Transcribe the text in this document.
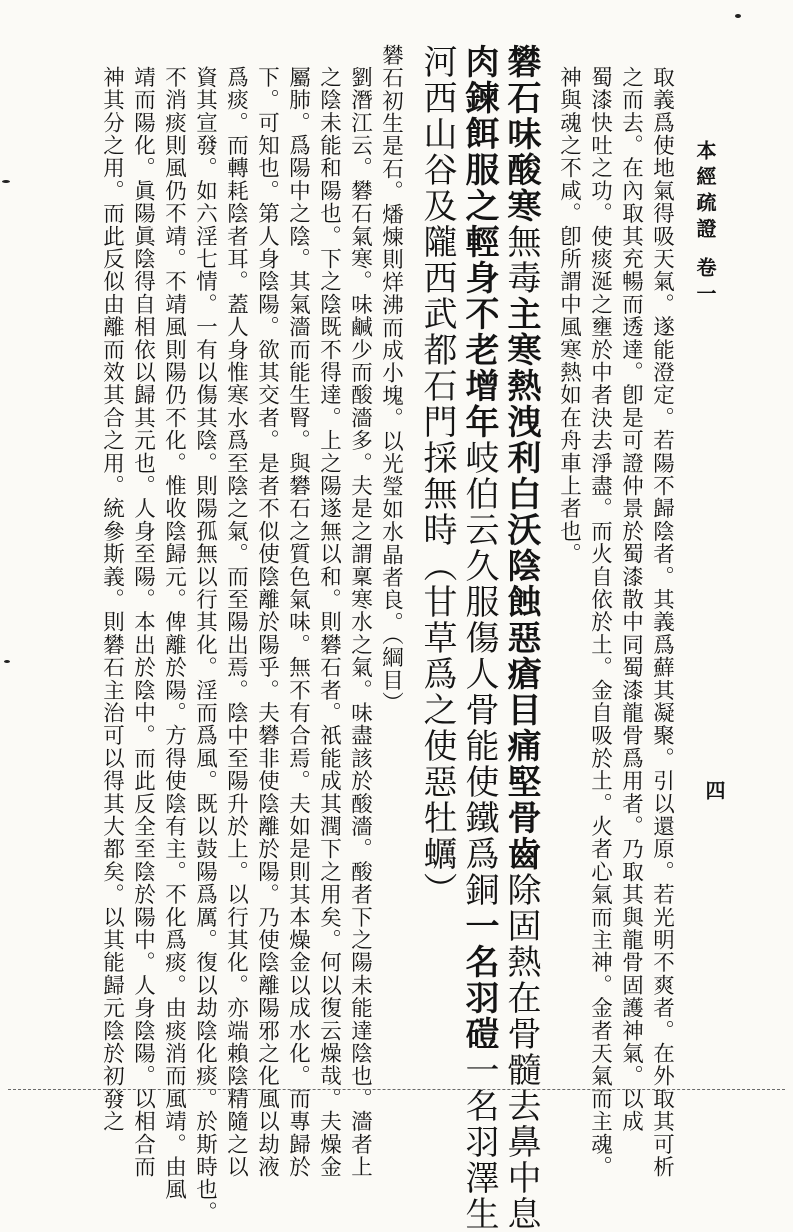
本經疏證 卷一
四
取義爲使地氣得吸天氣。遂能澄定。若陽不歸陰者。其義爲蘚其凝聚。引以還原。若光明不爽者。在外取其可析
之而去。在內取其充暢而透達。卽是可證仲景於蜀漆散中同蜀漆龍骨爲用者。乃取其與龍骨固護神氣。以成
蜀漆快吐之功。使痰涎之壅於中者決去淨盡。而火自依於土。金自吸於土。火者心氣而主神。金者天氣而主魂。
神與魂之不咸。卽所謂中風寒熱如在舟車上者也。
礬石味酸寒無毒主寒熱洩利白沃陰蝕惡瘡目痛堅骨齒除固熱在骨髓去鼻中息
肉鍊餌服之輕身不老增年岐伯云久服傷人骨能使鐵爲銅一名羽磑一名羽澤生
河西山谷及隴西武都石門採無時（甘草爲之使惡牡蠣）
礬石初生是石。燔煉則烊沸而成小塊。以光瑩如水晶者良。（綱目）
劉潛江云。礬石氣寒。味鹹少而酸濇多。夫是之謂稟寒水之氣。味盡該於酸濇。酸者下之陽未能達陰也。濇者上
之陰未能和陽也。下之陰既不得達。上之陽遂無以和。則礬石者。祇能成其潤下之用矣。何以復云燥哉。夫燥金
屬肺。爲陽中之陰。其氣濇而能生腎。與礬石之質色氣味。無不有合焉。夫如是則其本燥金以成水化。而專歸於
下。可知也。第人身陰陽。欲其交者。是者不似使陰離於陽乎。夫礬非使陰離於陽。乃使陰離陽邪之化風以劫液
爲痰。而轉耗陰者耳。蓋人身惟寒水爲至陰之氣。而至陽出焉。陰中至陽升於上。以行其化。亦端賴陰精隨之以
資其宣發。如六淫七情。一有以傷其陰。則陽孤無以行其化。淫而爲風。既以鼓陽爲厲。復以劫陰化痰。於斯時也。
不消痰則風仍不靖。不靖風則陽仍不化。惟收陰歸元。俾離於陽。方得使陰有主。不化爲痰。由痰消而風靖。由風
靖而陽化。眞陽眞陰得自相依以歸其元也。人身至陽。本出於陰中。而此反全至陰於陽中。人身陰陽。以相合而
神其分之用。而此反似由離而效其合之用。統參斯義。則礬石主治可以得其大都矣。以其能歸元陰於初發之
